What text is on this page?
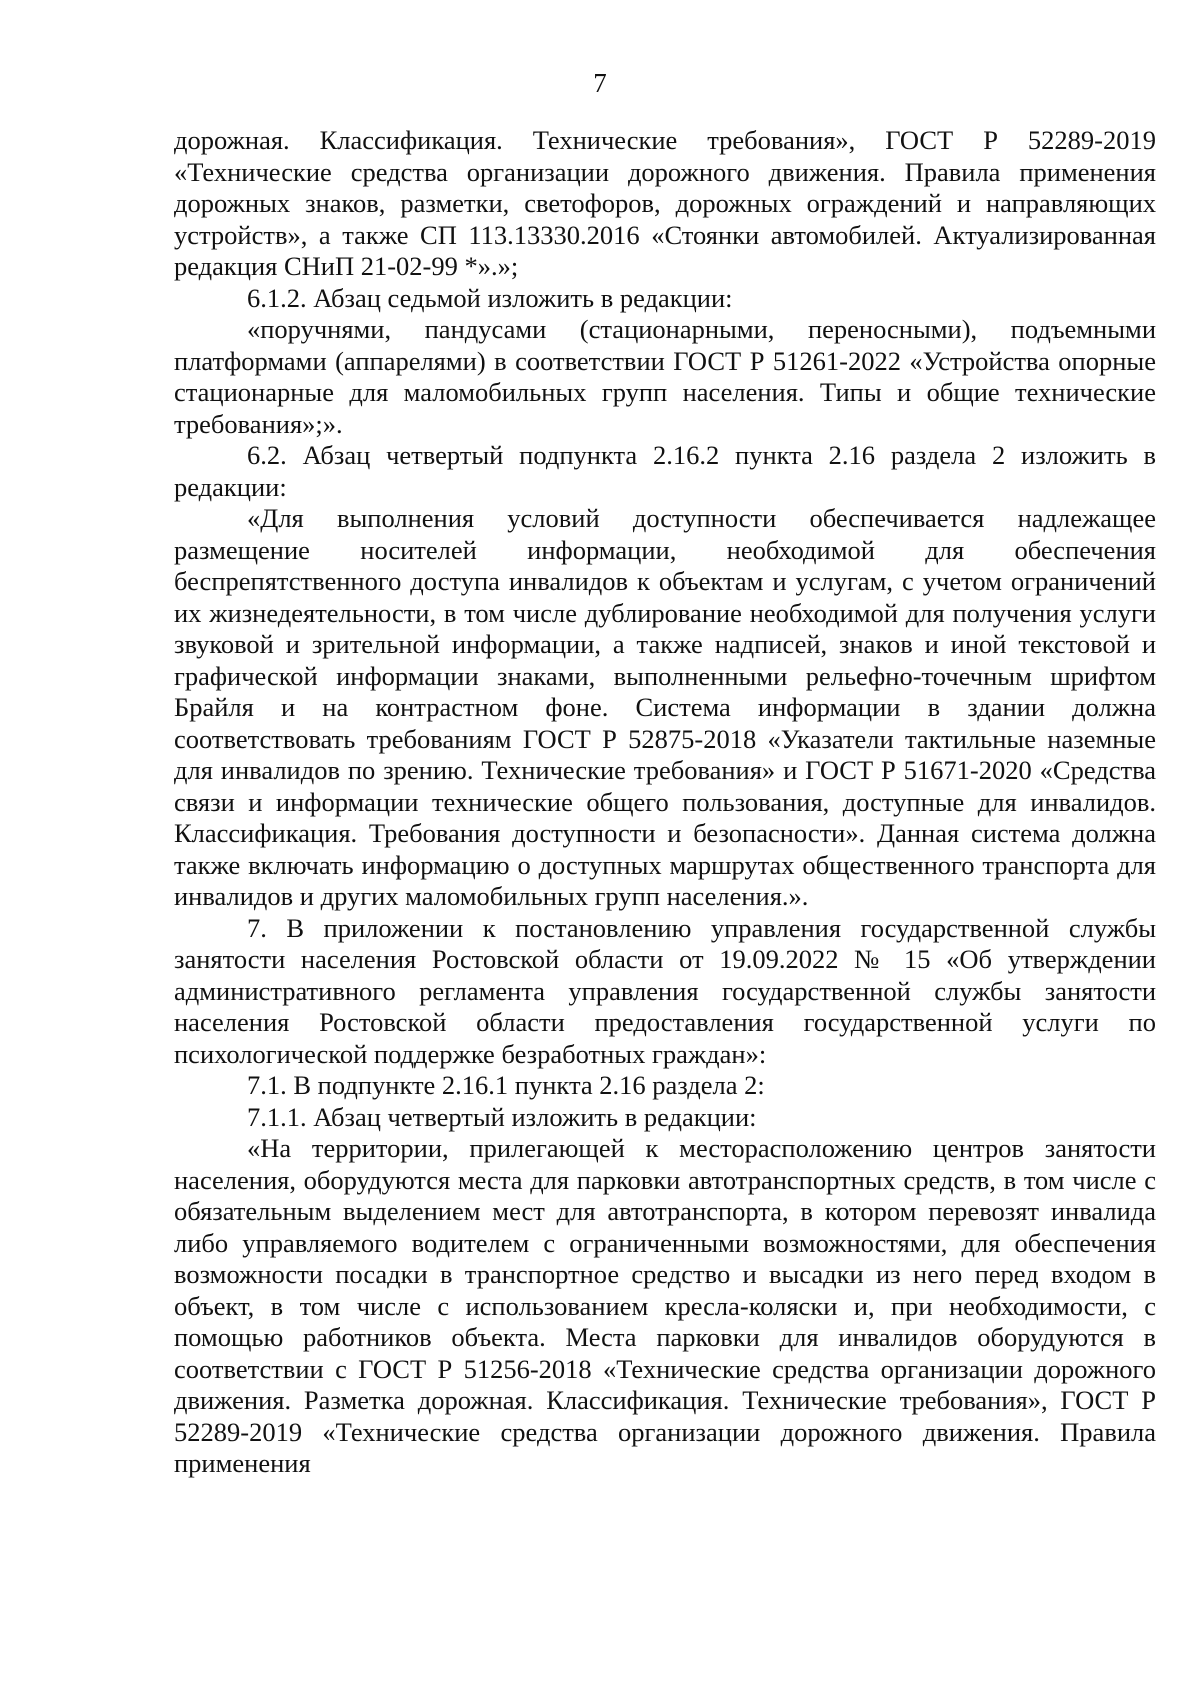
7

дорожная. Классификация. Технические требования», ГОСТ Р 52289-2019 «Технические средства организации дорожного движения. Правила применения дорожных знаков, разметки, светофоров, дорожных ограждений и направляющих устройств», а также СП 113.13330.2016 «Стоянки автомобилей. Актуализированная редакция СНиП 21-02-99 *».»;

6.1.2. Абзац седьмой изложить в редакции:

«поручнями, пандусами (стационарными, переносными), подъемными платформами (аппарелями) в соответствии ГОСТ Р 51261-2022 «Устройства опорные стационарные для маломобильных групп населения. Типы и общие технические требования»;».

6.2. Абзац четвертый подпункта 2.16.2 пункта 2.16 раздела 2 изложить в редакции:

«Для выполнения условий доступности обеспечивается надлежащее размещение носителей информации, необходимой для обеспечения беспрепятственного доступа инвалидов к объектам и услугам, с учетом ограничений их жизнедеятельности, в том числе дублирование необходимой для получения услуги звуковой и зрительной информации, а также надписей, знаков и иной текстовой и графической информации знаками, выполненными рельефно-точечным шрифтом Брайля и на контрастном фоне. Система информации в здании должна соответствовать требованиям ГОСТ Р 52875-2018 «Указатели тактильные наземные для инвалидов по зрению. Технические требования» и ГОСТ Р 51671-2020 «Средства связи и информации технические общего пользования, доступные для инвалидов. Классификация. Требования доступности и безопасности». Данная система должна также включать информацию о доступных маршрутах общественного транспорта для инвалидов и других маломобильных групп населения.».

7. В приложении к постановлению управления государственной службы занятости населения Ростовской области от 19.09.2022 № 15 «Об утверждении административного регламента управления государственной службы занятости населения Ростовской области предоставления государственной услуги по психологической поддержке безработных граждан»:

7.1. В подпункте 2.16.1 пункта 2.16 раздела 2:

7.1.1. Абзац четвертый изложить в редакции:

«На территории, прилегающей к месторасположению центров занятости населения, оборудуются места для парковки автотранспортных средств, в том числе с обязательным выделением мест для автотранспорта, в котором перевозят инвалида либо управляемого водителем с ограниченными возможностями, для обеспечения возможности посадки в транспортное средство и высадки из него перед входом в объект, в том числе с использованием кресла-коляски и, при необходимости, с помощью работников объекта. Места парковки для инвалидов оборудуются в соответствии с ГОСТ Р 51256-2018 «Технические средства организации дорожного движения. Разметка дорожная. Классификация. Технические требования», ГОСТ Р 52289-2019 «Технические средства организации дорожного движения. Правила применения
